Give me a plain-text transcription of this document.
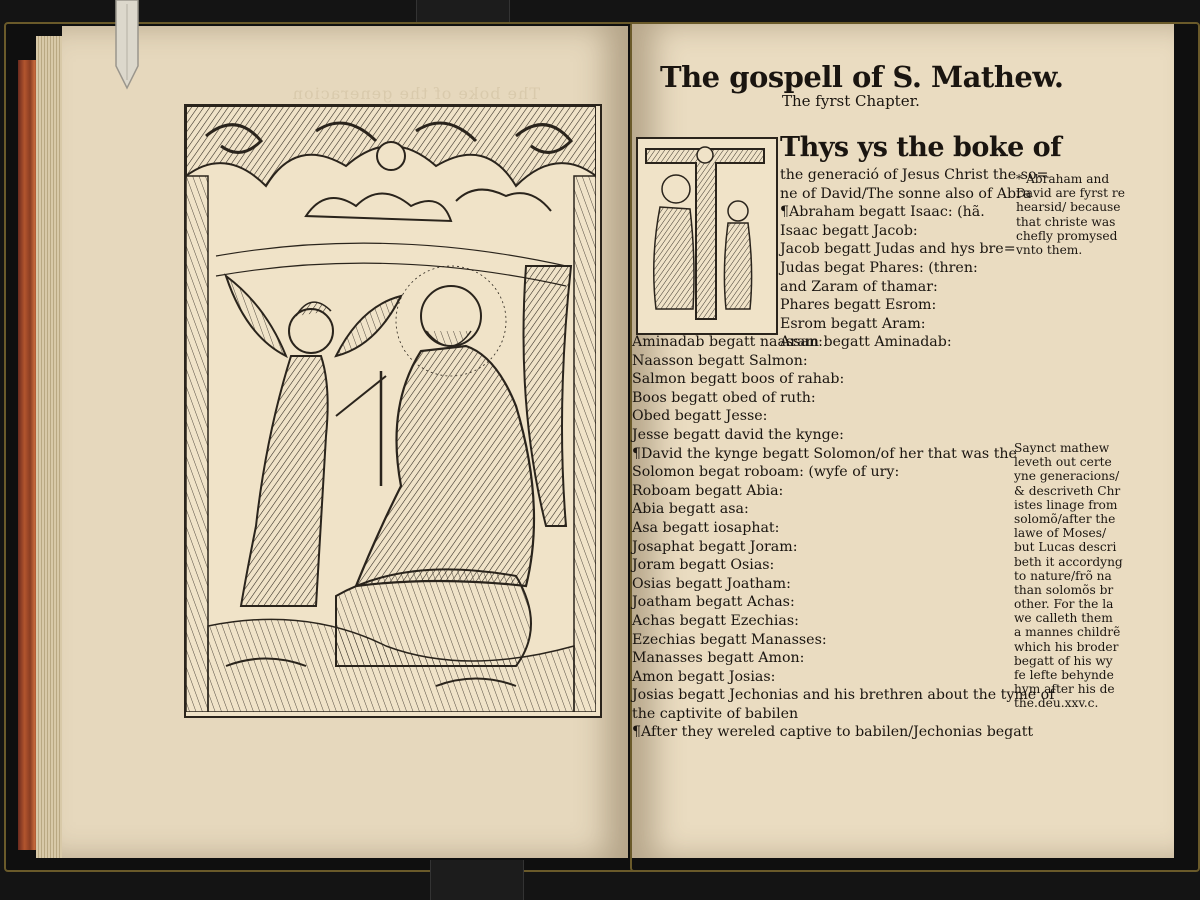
The boke of the generacion	The gospell of S. Mathew.
The fyrst Chapter.
Thys ys the boke of
the generació of Jesus Christ the so=
ne of David/The sonne also of Abra
¶Abraham begatt Isaac: (hã.
Isaac begatt Jacob:
Jacob begatt Judas and hys bre=
Judas begat Phares: (thren:
and Zaram of thamar:
Phares begatt Esrom:
Esrom begatt Aram:
Aram begatt Aminadab:
Aminadab begatt naassan:
Naasson begatt Salmon:
Salmon begatt boos of rahab:
Boos begatt obed of ruth:
Obed begatt Jesse:
Jesse begatt david the kynge:
¶David the kynge begatt Solomon/of her that was the
Solomon begat roboam: (wyfe of ury:
Roboam begatt Abia:
Abia begatt asa:
Asa begatt iosaphat:
Josaphat begatt Joram:
Joram begatt Osias:
Osias begatt Joatham:
Joatham begatt Achas:
Achas begatt Ezechias:
Ezechias begatt Manasses:
Manasses begatt Amon:
Amon begatt Josias:
Josias begatt Jechonias and his brethren about the tyme of
the captivite of babilen
¶After they wereled captive to babilen/Jechonias begatt
* Abraham and
David are fyrst re
hearsid/ because
that christe was
chefly promysed
vnto them.
Saynct mathew
leveth out certe
yne generacions/
& descriveth Chr
istes linage from
solomõ/after the
lawe of Moses/
but Lucas descri
beth it accordyng
to nature/frõ na
than solomõs br
other. For the la
we calleth them
a mannes childrẽ
which his broder
begatt of his wy
fe lefte behynde
hym after his de
the.deu.xxv.c.
